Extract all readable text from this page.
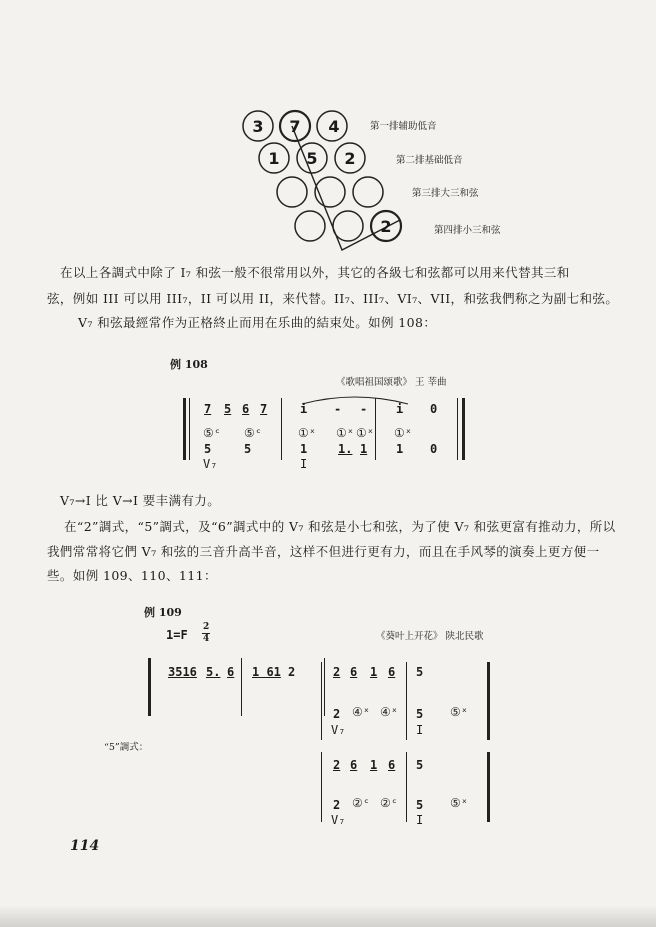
3 7 4
1 5 2
2
第一排辅助低音
第二排基础低音
第三排大三和弦
第四排小三和弦
在以上各調式中除了 I₇ 和弦一般不很常用以外，其它的各級七和弦都可以用来代替其三和
弦，例如 III 可以用 III₇，II 可以用 II，来代替。II₇、III₇、VI₇、VII，和弦我們称之为副七和弦。
V₇ 和弦最經常作为正格終止而用在乐曲的結束处。如例 108：
例 108
《歌唱祖国颂歌》 王 莘曲
7 5 6 7
⑤ᶜ ⑤ᶜ
5	5
V₇
i - -
①ˣ ①ˣ ①ˣ
1	1. 1
I
i 0
①ˣ
1 0
V₇→I 比 V→I 要丰满有力。
在“2”調式，“5”調式，及“6”調式中的 V₇ 和弦是小七和弦，为了使 V₇ 和弦更富有推动力，所以
我們常常将它們 V₇ 和弦的三音升高半音，这样不但进行更有力，而且在手风琴的演奏上更方便一
些。如例 109、110、111：
例 109
1=F
2
4	《葵叶上开花》 陕北民歌
3516 5. 6 1 61 2	2 6 1 6 5
2 ④ˣ ④ˣ 5 ⑤ˣ
V₇	I
“5”調式：
2 6 1 6 5
2 ②ᶜ ②ᶜ 5 ⑤ˣ
V₇	I
114
